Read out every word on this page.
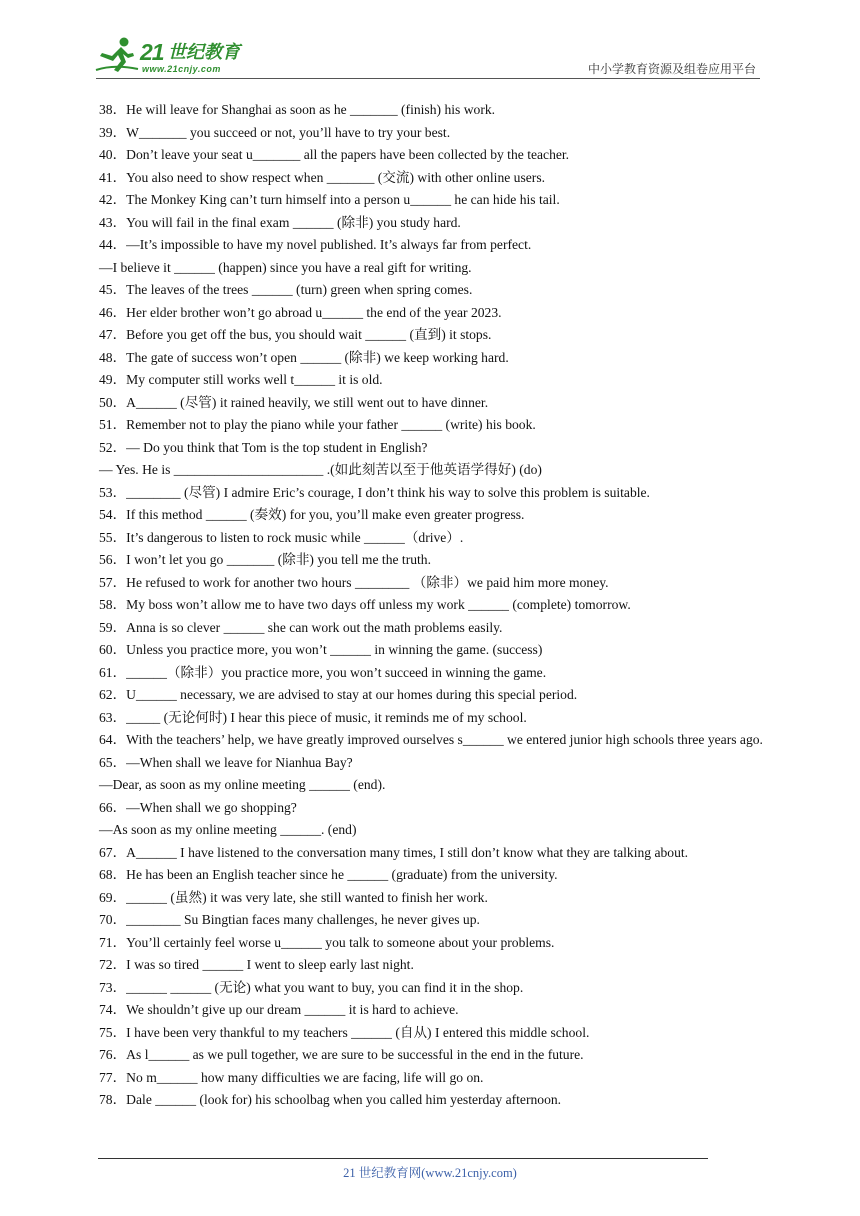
21 世纪教育
www.21cnjy.com	中小学教育资源及组卷应用平台
38．He will leave for Shanghai as soon as he _______ (finish) his work.
39．W_______ you succeed or not, you’ll have to try your best.
40．Don’t leave your seat u_______ all the papers have been collected by the teacher.
41．You also need to show respect when _______ (交流) with other online users.
42．The Monkey King can’t turn himself into a person u______ he can hide his tail.
43．You will fail in the final exam ______ (除非) you study hard.
44．—It’s impossible to have my novel published. It’s always far from perfect.
—I believe it ______ (happen) since you have a real gift for writing.
45．The leaves of the trees ______ (turn) green when spring comes.
46．Her elder brother won’t go abroad u______ the end of the year 2023.
47．Before you get off the bus, you should wait ______ (直到) it stops.
48．The gate of success won’t open ______ (除非) we keep working hard.
49．My computer still works well t______ it is old.
50．A______ (尽管) it rained heavily, we still went out to have dinner.
51．Remember not to play the piano while your father ______ (write) his book.
52．— Do you think that Tom is the top student in English?
— Yes. He is ______________________ .(如此刻苦以至于他英语学得好) (do)
53．________ (尽管) I admire Eric’s courage, I don’t think his way to solve this problem is suitable.
54．If this method ______ (奏效) for you, you’ll make even greater progress.
55．It’s dangerous to listen to rock music while ______（drive）.
56．I won’t let you go _______ (除非) you tell me the truth.
57．He refused to work for another two hours ________ （除非）we paid him more money.
58．My boss won’t allow me to have two days off unless my work ______ (complete) tomorrow.
59．Anna is so clever ______ she can work out the math problems easily.
60．Unless you practice more, you won’t ______ in winning the game. (success)
61．______（除非）you practice more, you won’t succeed in winning the game.
62．U______ necessary, we are advised to stay at our homes during this special period.
63．_____ (无论何时) I hear this piece of music, it reminds me of my school.
64．With the teachers’ help, we have greatly improved ourselves s______ we entered junior high schools three years ago.
65．—When shall we leave for Nianhua Bay?
—Dear, as soon as my online meeting ______ (end).
66．—When shall we go shopping?
—As soon as my online meeting ______. (end)
67．A______ I have listened to the conversation many times, I still don’t know what they are talking about.
68．He has been an English teacher since he ______ (graduate) from the university.
69．______ (虽然) it was very late, she still wanted to finish her work.
70．________ Su Bingtian faces many challenges, he never gives up.
71．You’ll certainly feel worse u______ you talk to someone about your problems.
72．I was so tired ______ I went to sleep early last night.
73．______ ______ (无论) what you want to buy, you can find it in the shop.
74．We shouldn’t give up our dream ______ it is hard to achieve.
75．I have been very thankful to my teachers ______ (自从) I entered this middle school.
76．As l______ as we pull together, we are sure to be successful in the end in the future.
77．No m______ how many difficulties we are facing, life will go on.
78．Dale ______ (look for) his schoolbag when you called him yesterday afternoon.
21 世纪教育网(www.21cnjy.com)
